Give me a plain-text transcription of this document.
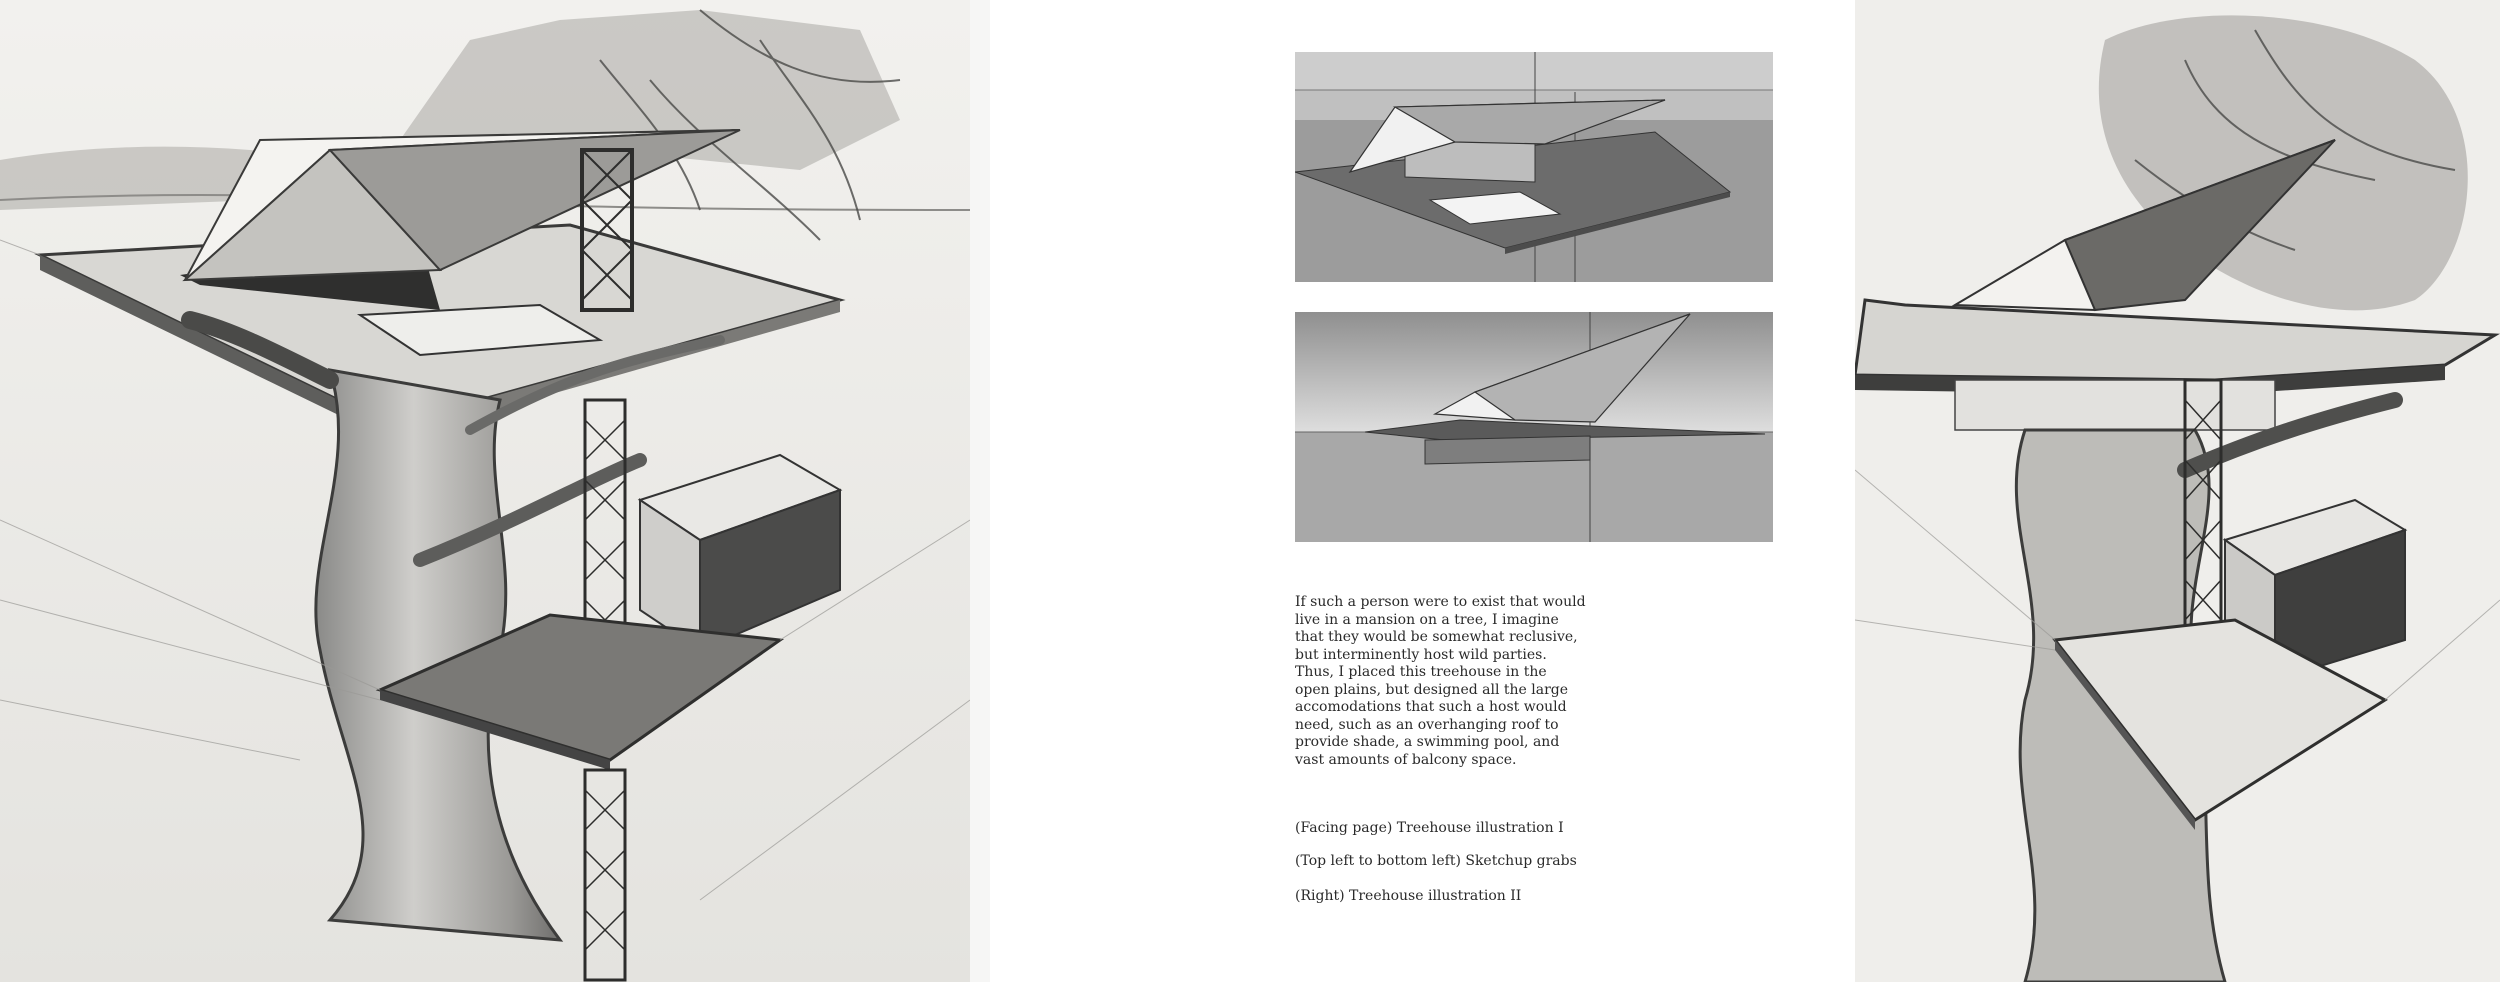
If such a person were to exist that would
live in a mansion on a tree, I imagine
that they would be somewhat reclusive,
but interminently host wild parties.
Thus, I placed this treehouse in the
open plains, but designed all the large
accomodations that such a host would
need, such as an overhanging roof to
provide shade, a swimming pool, and
vast amounts of balcony space.

(Facing page) Treehouse illustration I

(Top left to bottom left) Sketchup grabs

(Right) Treehouse illustration II
